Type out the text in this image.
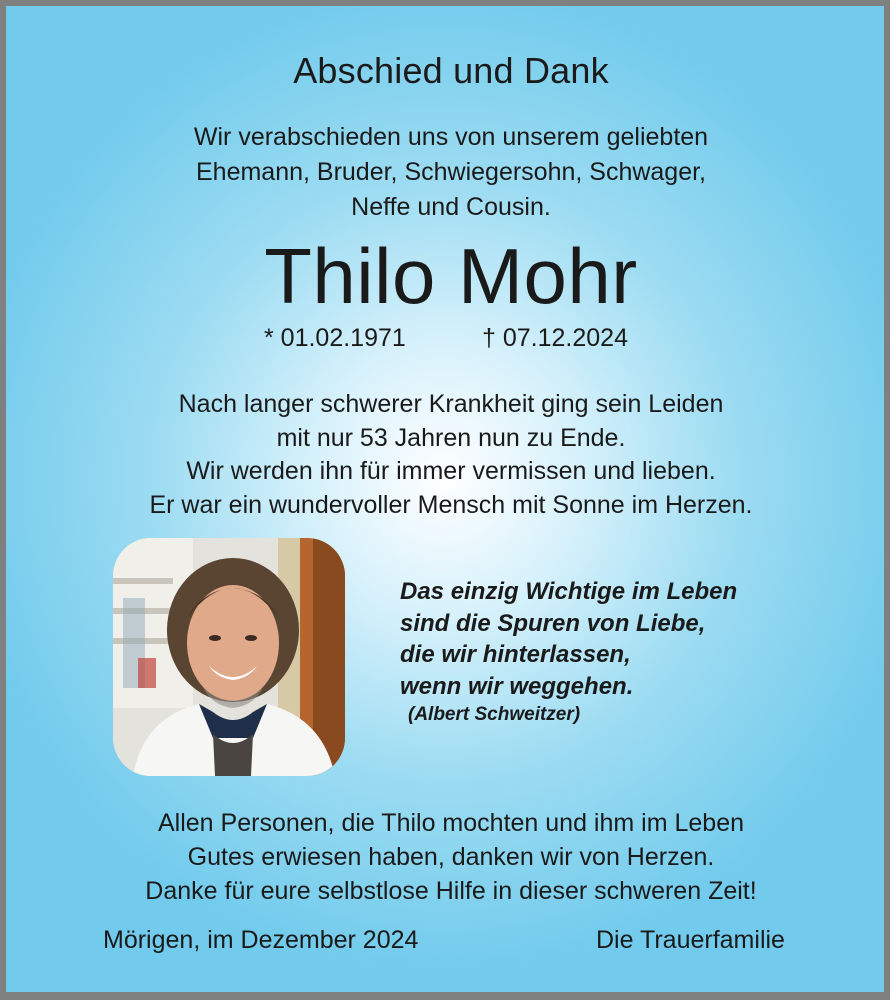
Abschied und Dank
Wir verabschieden uns von unserem geliebten
Ehemann, Bruder, Schwiegersohn, Schwager,
Neffe und Cousin.
Thilo Mohr
* 01.02.1971	† 07.12.2024
Nach langer schwerer Krankheit ging sein Leiden
mit nur 53 Jahren nun zu Ende.
Wir werden ihn für immer vermissen und lieben.
Er war ein wundervoller Mensch mit Sonne im Herzen.
Das einzig Wichtige im Leben
sind die Spuren von Liebe,
die wir hinterlassen,
wenn wir weggehen.
(Albert Schweitzer)
Allen Personen, die Thilo mochten und ihm im Leben
Gutes erwiesen haben, danken wir von Herzen.
Danke für eure selbstlose Hilfe in dieser schweren Zeit!
Mörigen, im Dezember 2024	Die Trauerfamilie
